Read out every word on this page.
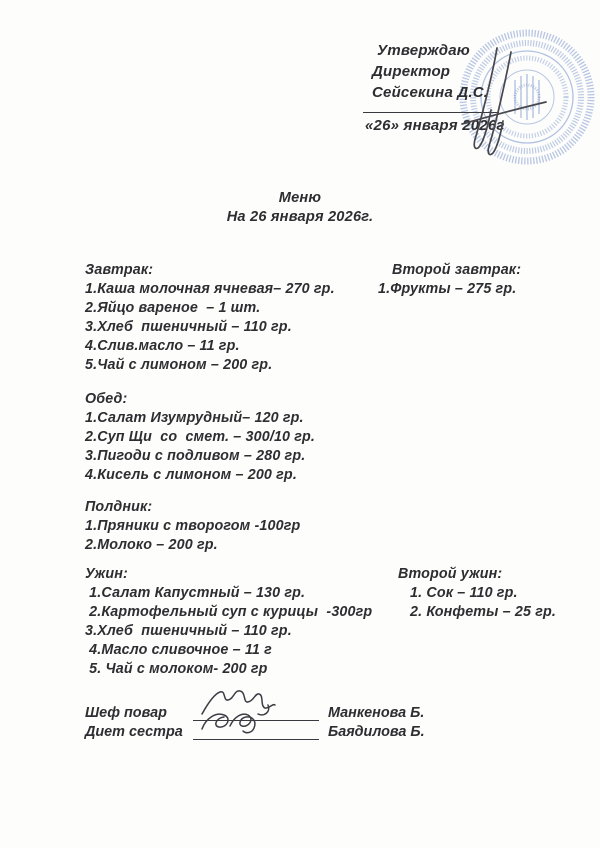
Утверждаю
Директор
Сейсекина Д.С.
«26» января 2026г
Меню
На 26 января 2026г.
Завтрак:
1.Каша молочная ячневая– 270 гр.
2.Яйцо вареное  – 1 шт.
3.Хлеб  пшеничный – 110 гр.
4.Слив.масло – 11 гр.
5.Чай с лимоном – 200 гр.
Второй завтрак:
1.Фрукты – 275 гр.
Обед:
1.Салат Изумрудный– 120 гр.
2.Суп Щи  со  смет. – 300/10 гр.
3.Пигоди с подливом – 280 гр.
4.Кисель с лимоном – 200 гр.
Полдник:
1.Пряники с творогом -100гр
2.Молоко – 200 гр.
Ужин:
1.Салат Капустный – 130 гр.
2.Картофельный суп с курицы  -300гр
3.Хлеб  пшеничный – 110 гр.
4.Масло сливочное – 11 г
5. Чай с молоком- 200 гр
Второй ужин:
1. Сок – 110 гр.
2. Конфеты – 25 гр.
Шеф повар	Манкенова Б.
Диет сестра	Баядилова Б.
